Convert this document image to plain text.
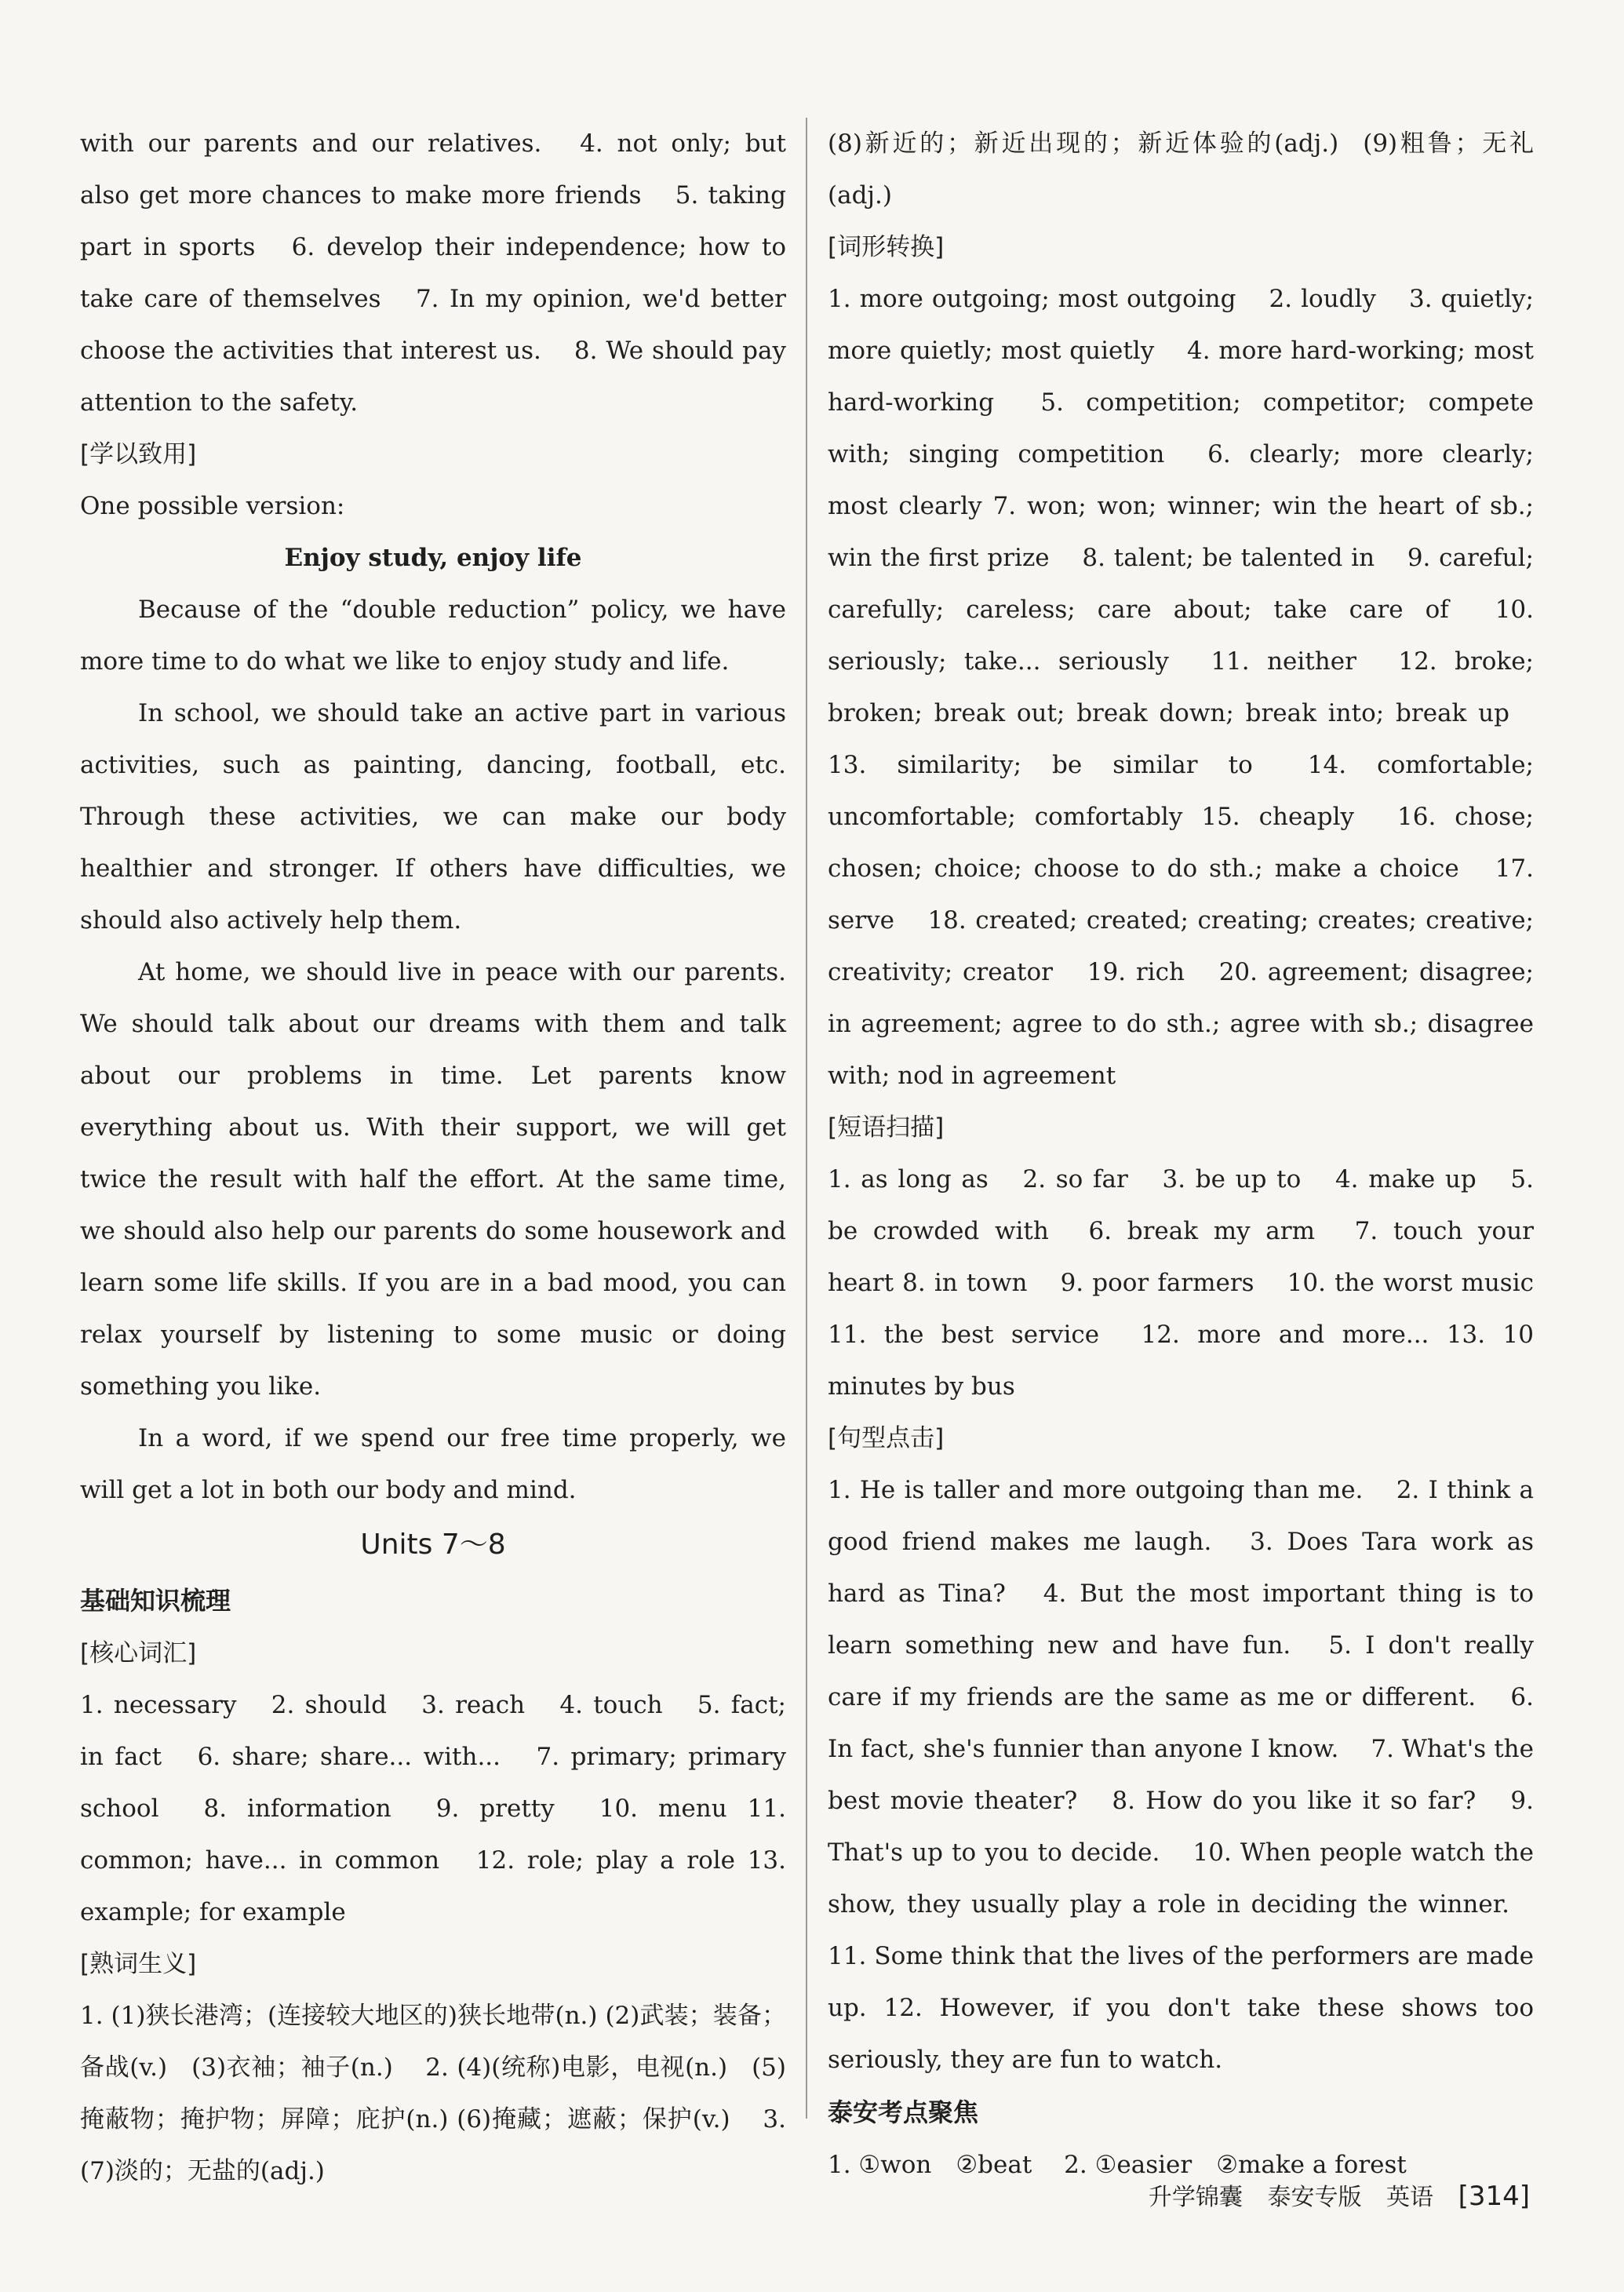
with our parents and our relatives.  4. not only; but also get more chances to make more friends  5. taking part in sports  6. develop their independence; how to take care of themselves  7. In my opinion, we'd better choose the activities that interest us.  8. We should pay attention to the safety.
[学以致用]
One possible version:
Enjoy study, enjoy life
Because of the “double reduction” policy, we have more time to do what we like to enjoy study and life.
In school, we should take an active part in various activities, such as painting, dancing, football, etc. Through these activities, we can make our body healthier and stronger. If others have difficulties, we should also actively help them.
At home, we should live in peace with our parents. We should talk about our dreams with them and talk about our problems in time. Let parents know everything about us. With their support, we will get twice the result with half the effort. At the same time, we should also help our parents do some housework and learn some life skills. If you are in a bad mood, you can relax yourself by listening to some music or doing something you like.
In a word, if we spend our free time properly, we will get a lot in both our body and mind.
Units 7～8
基础知识梳理
[核心词汇]
1. necessary  2. should  3. reach  4. touch  5. fact; in fact  6. share; share... with...  7. primary; primary school  8. information  9. pretty  10. menu 11. common; have... in common  12. role; play a role 13. example; for example
[熟词生义]
1. (1)狭长港湾；(连接较大地区的)狭长地带(n.) (2)武装；装备；备战(v.) (3)衣袖；袖子(n.)  2. (4)(统称)电影，电视(n.) (5)掩蔽物；掩护物；屏障；庇护(n.) (6)掩藏；遮蔽；保护(v.)  3. (7)淡的；无盐的(adj.)
(8)新近的；新近出现的；新近体验的(adj.) (9)粗鲁；无礼(adj.)
[词形转换]
1. more outgoing; most outgoing  2. loudly  3. quietly; more quietly; most quietly  4. more hard-working; most hard-working  5. competition; competitor; compete with; singing competition  6. clearly; more clearly; most clearly 7. won; won; winner; win the heart of sb.; win the first prize  8. talent; be talented in  9. careful; carefully; careless; care about; take care of  10. seriously; take... seriously  11. neither  12. broke; broken; break out; break down; break into; break up  13. similarity; be similar to  14. comfortable; uncomfortable; comfortably 15. cheaply  16. chose; chosen; choice; choose to do sth.; make a choice  17. serve  18. created; created; creating; creates; creative; creativity; creator  19. rich  20. agreement; disagree; in agreement; agree to do sth.; agree with sb.; disagree with; nod in agreement
[短语扫描]
1. as long as  2. so far  3. be up to  4. make up  5. be crowded with  6. break my arm  7. touch your heart 8. in town  9. poor farmers  10. the worst music 11. the best service  12. more and more... 13. 10 minutes by bus
[句型点击]
1. He is taller and more outgoing than me.  2. I think a good friend makes me laugh.  3. Does Tara work as hard as Tina?  4. But the most important thing is to learn something new and have fun.  5. I don't really care if my friends are the same as me or different.  6. In fact, she's funnier than anyone I know.  7. What's the best movie theater?  8. How do you like it so far?  9. That's up to you to decide.  10. When people watch the show, they usually play a role in deciding the winner.  11. Some think that the lives of the performers are made up. 12. However, if you don't take these shows too seriously, they are fun to watch.
泰安考点聚焦
1. ①won ②beat  2. ①easier ②make a forest
升学锦囊 泰安专版 英语 [314]
